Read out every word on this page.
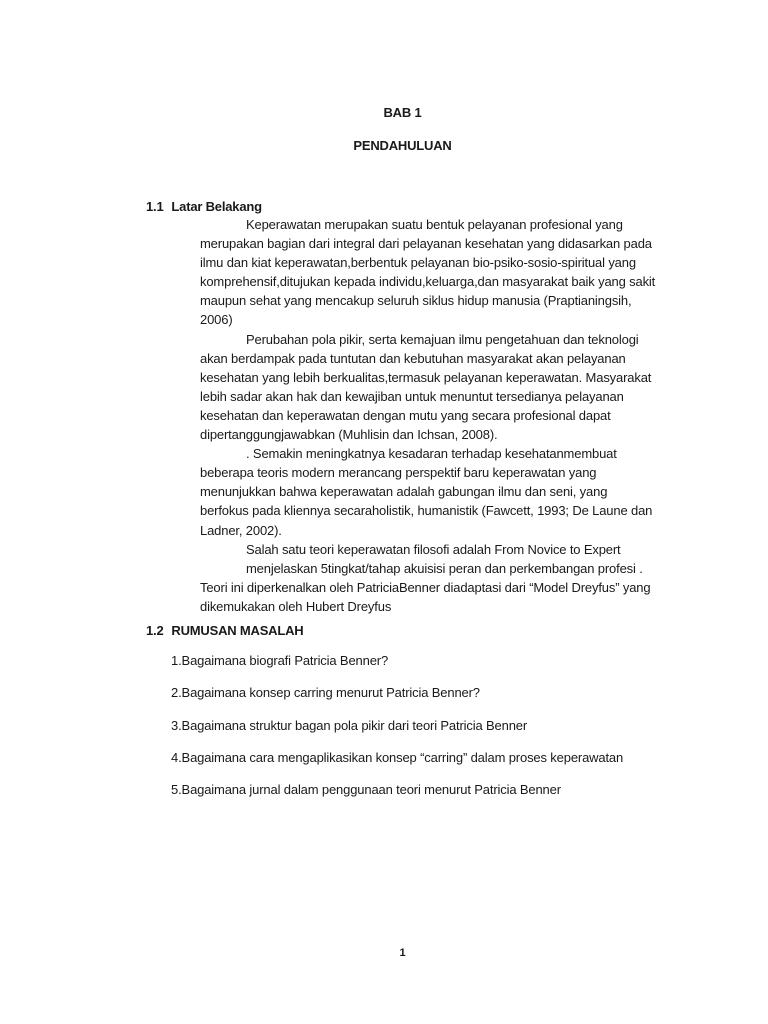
BAB 1
PENDAHULUAN
1.1 Latar Belakang
Keperawatan merupakan suatu bentuk pelayanan profesional yang
merupakan bagian dari integral dari pelayanan kesehatan yang didasarkan pada
ilmu dan kiat keperawatan,berbentuk pelayanan bio-psiko-sosio-spiritual yang
komprehensif,ditujukan kepada individu,keluarga,dan masyarakat baik yang sakit
maupun sehat yang mencakup seluruh siklus hidup manusia (Praptianingsih,
2006)
Perubahan pola pikir, serta kemajuan ilmu pengetahuan dan teknologi
akan berdampak pada tuntutan dan kebutuhan masyarakat akan pelayanan
kesehatan yang lebih berkualitas,termasuk pelayanan keperawatan. Masyarakat
lebih sadar akan hak dan kewajiban untuk menuntut tersedianya pelayanan
kesehatan dan keperawatan dengan mutu yang secara profesional dapat
dipertanggungjawabkan (Muhlisin dan Ichsan, 2008).
. Semakin meningkatnya kesadaran terhadap kesehatanmembuat
beberapa teoris modern merancang perspektif baru keperawatan yang
menunjukkan bahwa keperawatan adalah gabungan ilmu dan seni, yang
berfokus pada kliennya secaraholistik, humanistik (Fawcett, 1993; De Laune dan
Ladner, 2002).
Salah satu teori keperawatan filosofi adalah From Novice to Expert
menjelaskan 5tingkat/tahap akuisisi peran dan perkembangan profesi .
Teori ini diperkenalkan oleh PatriciaBenner diadaptasi dari “Model Dreyfus” yang
dikemukakan oleh Hubert Dreyfus
1.2 RUMUSAN MASALAH
1.Bagaimana biografi Patricia Benner?
2.Bagaimana konsep carring menurut Patricia Benner?
3.Bagaimana struktur bagan pola pikir dari teori Patricia Benner
4.Bagaimana cara mengaplikasikan konsep “carring” dalam proses keperawatan
5.Bagaimana jurnal dalam penggunaan teori menurut Patricia Benner
1
